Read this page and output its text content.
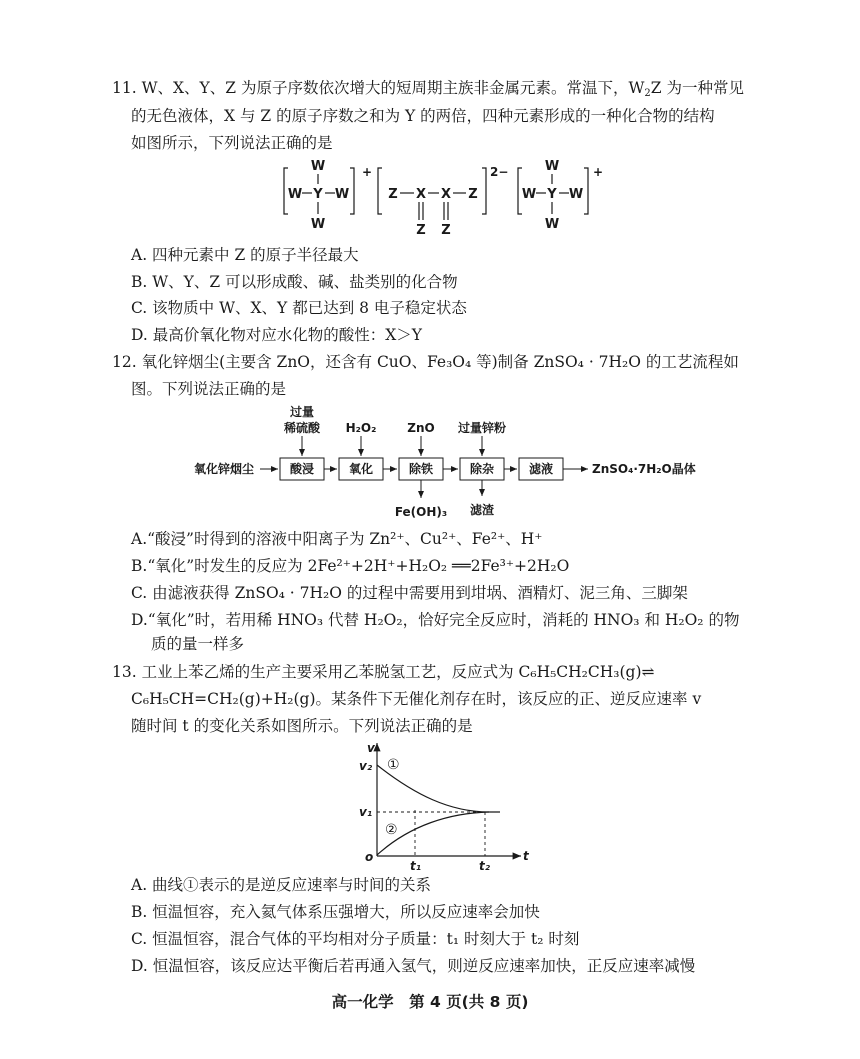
11. W、X、Y、Z 为原子序数依次增大的短周期主族非金属元素。常温下，$W_2Z$ 为一种常见
的无色液体，X 与 Z 的原子序数之和为 Y 的两倍，四种元素形成的一种化合物的结构
如图所示，下列说法正确的是
W
W Y W
W
+
Z X X Z
Z Z
2−	W
W Y W
W
+
A. 四种元素中 Z 的原子半径最大
B. W、Y、Z 可以形成酸、碱、盐类别的化合物
C. 该物质中 W、X、Y 都已达到 8 电子稳定状态
D. 最高价氧化物对应水化物的酸性：X＞Y
12. 氧化锌烟尘(主要含 ZnO，还含有 CuO、Fe₃O₄ 等)制备 ZnSO₄ · 7H₂O 的工艺流程如
图。下列说法正确的是
氧化锌烟尘
过量
稀硫酸 H₂O₂	ZnO 过量锌粉
酸浸	氧化	除铁	除杂	滤液
Fe(OH)₃ 滤渣
ZnSO₄·7H₂O晶体
A.“酸浸”时得到的溶液中阳离子为 Zn²⁺、Cu²⁺、Fe²⁺、H⁺
B.“氧化”时发生的反应为 2Fe²⁺+2H⁺+H₂O₂ ══2Fe³⁺+2H₂O
C. 由滤液获得 ZnSO₄ · 7H₂O 的过程中需要用到坩埚、酒精灯、泥三角、三脚架
D.“氧化”时，若用稀 HNO₃ 代替 H₂O₂，恰好完全反应时，消耗的 HNO₃ 和 H₂O₂ 的物
质的量一样多
13. 工业上苯乙烯的生产主要采用乙苯脱氢工艺，反应式为 C₆H₅CH₂CH₃(g)⇌
C₆H₅CH=CH₂(g)+H₂(g)。某条件下无催化剂存在时，该反应的正、逆反应速率 v
随时间 t 的变化关系如图所示。下列说法正确的是
v
t
o
v₂
v₁
t₁	t₂
①
②
A. 曲线①表示的是逆反应速率与时间的关系
B. 恒温恒容，充入氦气体系压强增大，所以反应速率会加快
C. 恒温恒容，混合气体的平均相对分子质量：t₁ 时刻大于 t₂ 时刻
D. 恒温恒容，该反应达平衡后若再通入氢气，则逆反应速率加快，正反应速率减慢
高一化学　第 4 页(共 8 页)
